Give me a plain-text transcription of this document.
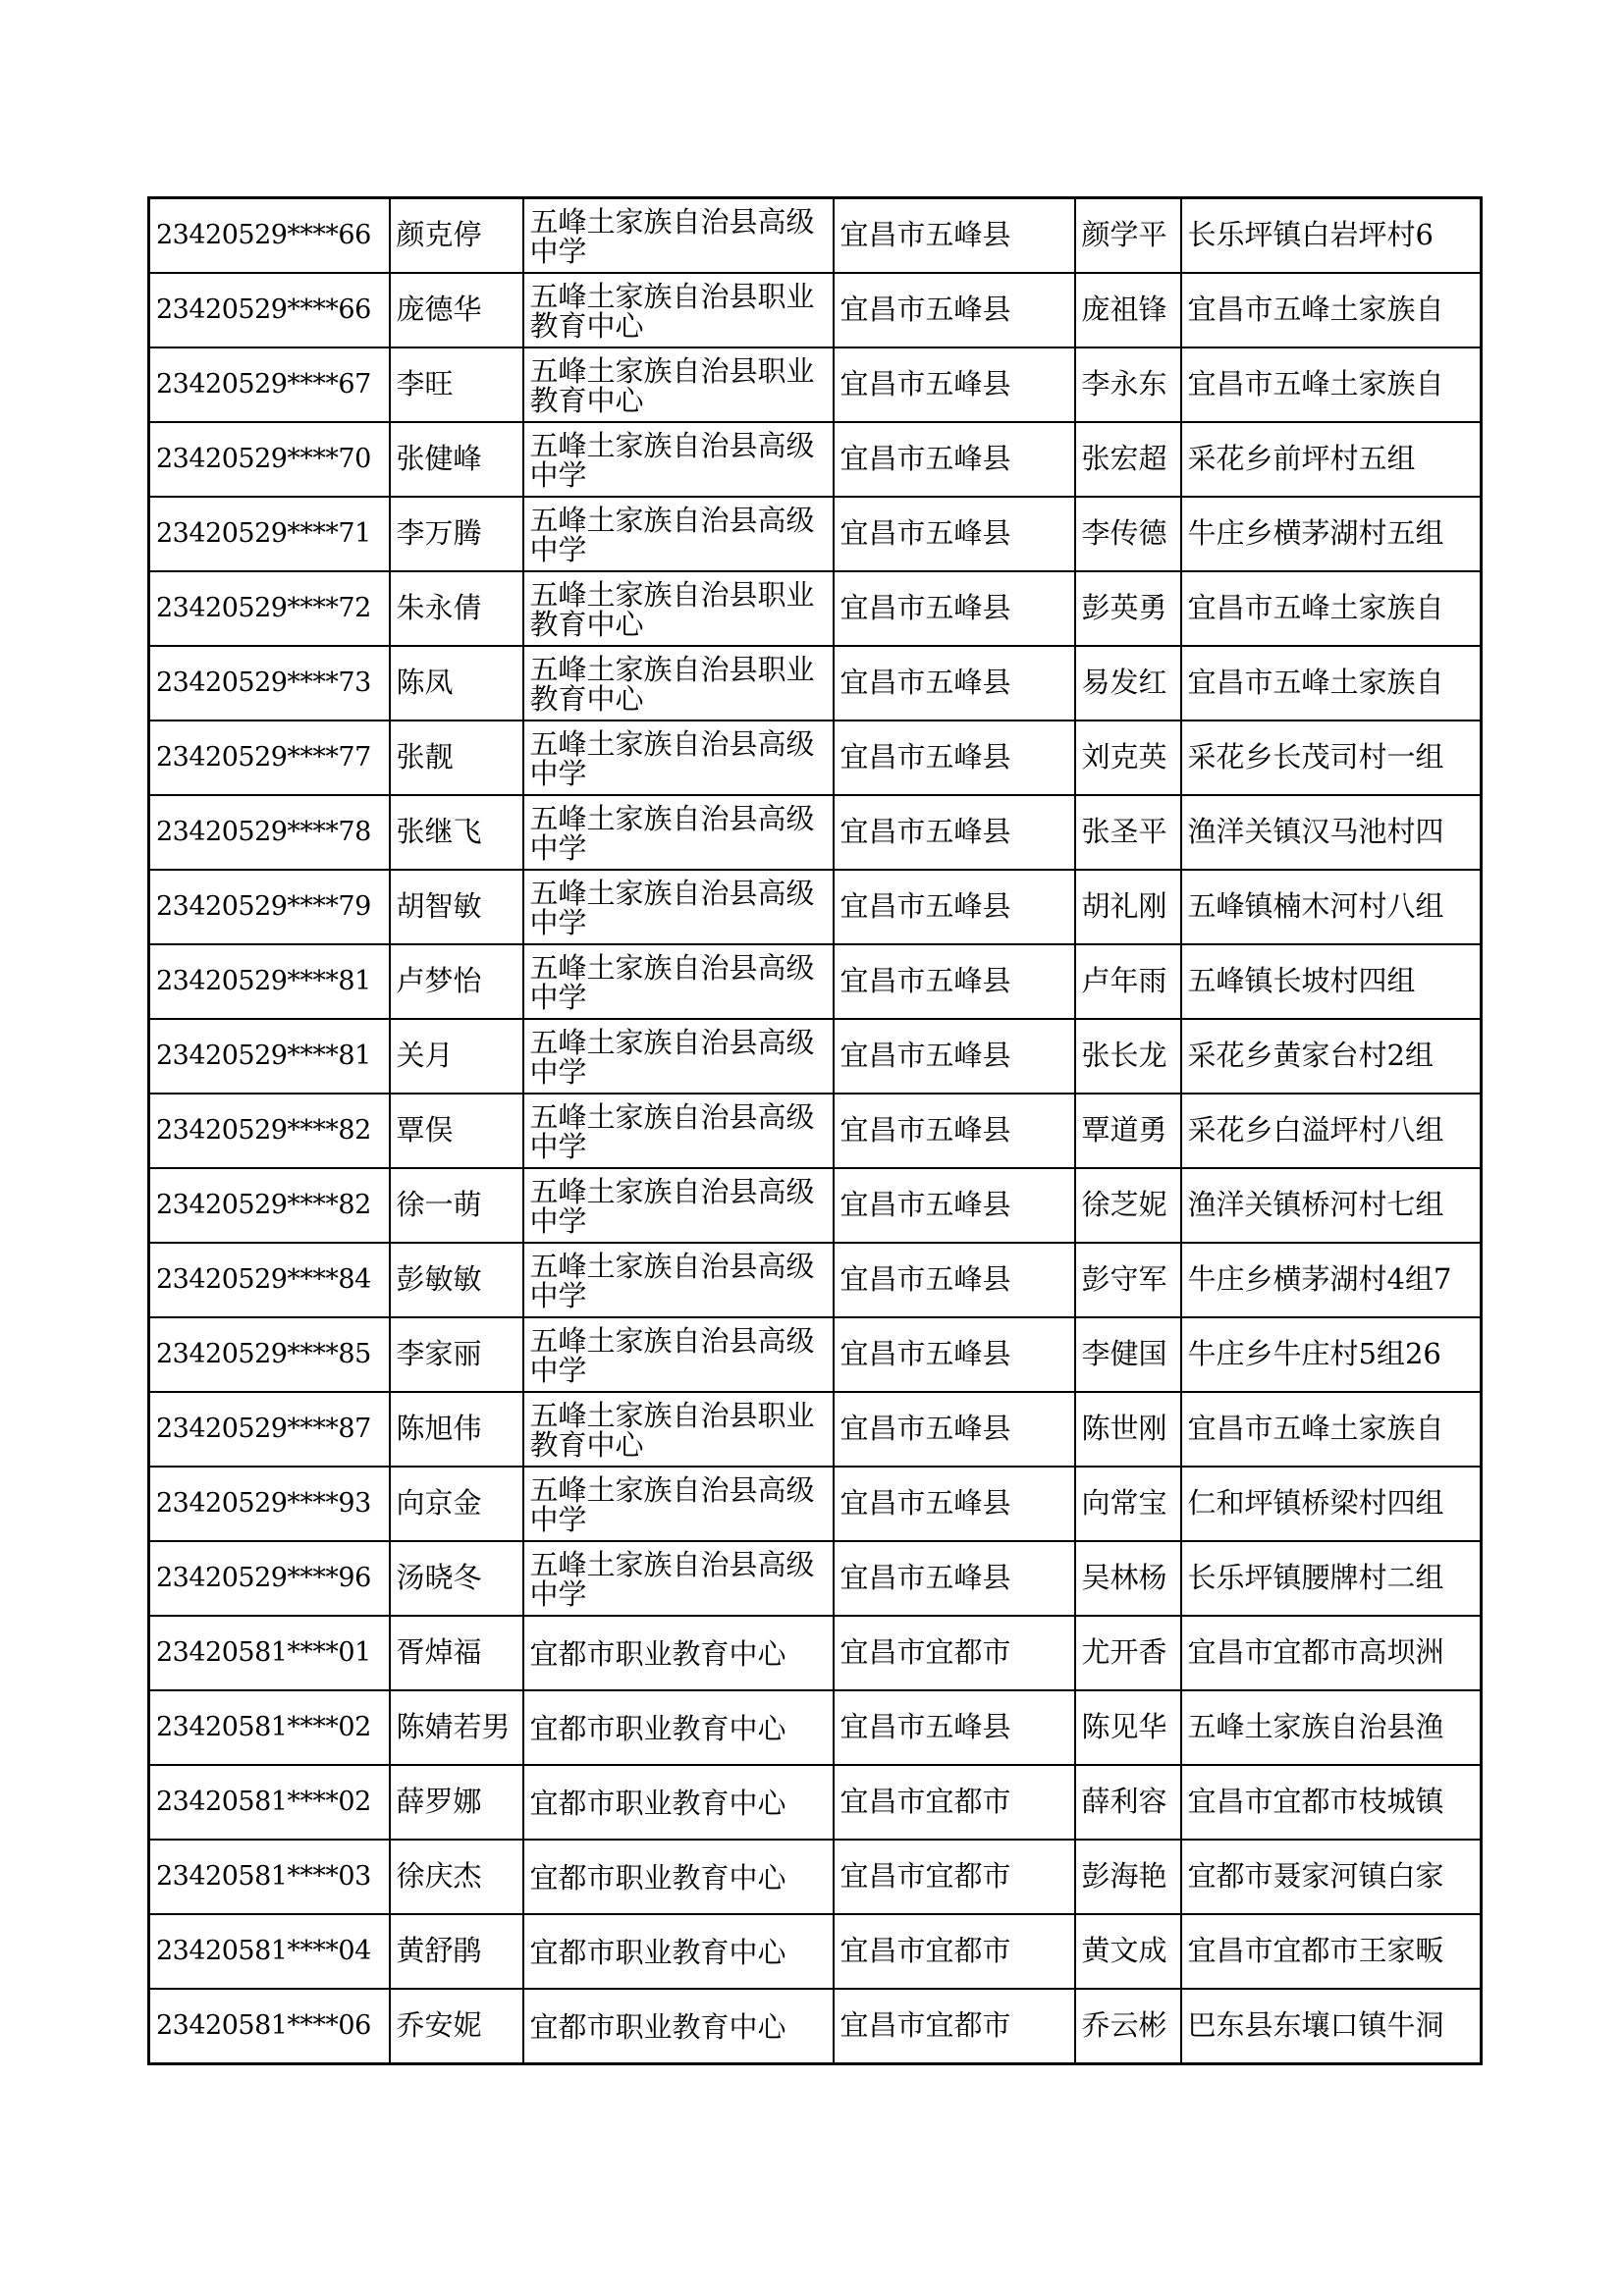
23420529****66	颜克停	五峰土家族自治县高级中学	宜昌市五峰县	颜学平	长乐坪镇白岩坪村6
23420529****66	庞德华	五峰土家族自治县职业教育中心	宜昌市五峰县	庞祖锋	宜昌市五峰土家族自
23420529****67	李旺	五峰土家族自治县职业教育中心	宜昌市五峰县	李永东	宜昌市五峰土家族自
23420529****70	张健峰	五峰土家族自治县高级中学	宜昌市五峰县	张宏超	采花乡前坪村五组
23420529****71	李万腾	五峰土家族自治县高级中学	宜昌市五峰县	李传德	牛庄乡横茅湖村五组
23420529****72	朱永倩	五峰土家族自治县职业教育中心	宜昌市五峰县	彭英勇	宜昌市五峰土家族自
23420529****73	陈凤	五峰土家族自治县职业教育中心	宜昌市五峰县	易发红	宜昌市五峰土家族自
23420529****77	张靓	五峰土家族自治县高级中学	宜昌市五峰县	刘克英	采花乡长茂司村一组
23420529****78	张继飞	五峰土家族自治县高级中学	宜昌市五峰县	张圣平	渔洋关镇汉马池村四
23420529****79	胡智敏	五峰土家族自治县高级中学	宜昌市五峰县	胡礼刚	五峰镇楠木河村八组
23420529****81	卢梦怡	五峰土家族自治县高级中学	宜昌市五峰县	卢年雨	五峰镇长坡村四组
23420529****81	关月	五峰土家族自治县高级中学	宜昌市五峰县	张长龙	采花乡黄家台村2组
23420529****82	覃俣	五峰土家族自治县高级中学	宜昌市五峰县	覃道勇	采花乡白溢坪村八组
23420529****82	徐一萌	五峰土家族自治县高级中学	宜昌市五峰县	徐芝妮	渔洋关镇桥河村七组
23420529****84	彭敏敏	五峰土家族自治县高级中学	宜昌市五峰县	彭守军	牛庄乡横茅湖村4组7
23420529****85	李家丽	五峰土家族自治县高级中学	宜昌市五峰县	李健国	牛庄乡牛庄村5组26
23420529****87	陈旭伟	五峰土家族自治县职业教育中心	宜昌市五峰县	陈世刚	宜昌市五峰土家族自
23420529****93	向京金	五峰土家族自治县高级中学	宜昌市五峰县	向常宝	仁和坪镇桥梁村四组
23420529****96	汤晓冬	五峰土家族自治县高级中学	宜昌市五峰县	吴林杨	长乐坪镇腰牌村二组
23420581****01	胥焯福	宜都市职业教育中心	宜昌市宜都市	尤开香	宜昌市宜都市高坝洲
23420581****02	陈婧若男	宜都市职业教育中心	宜昌市五峰县	陈见华	五峰土家族自治县渔
23420581****02	薛罗娜	宜都市职业教育中心	宜昌市宜都市	薛利容	宜昌市宜都市枝城镇
23420581****03	徐庆杰	宜都市职业教育中心	宜昌市宜都市	彭海艳	宜都市聂家河镇白家
23420581****04	黄舒鹃	宜都市职业教育中心	宜昌市宜都市	黄文成	宜昌市宜都市王家畈
23420581****06	乔安妮	宜都市职业教育中心	宜昌市宜都市	乔云彬	巴东县东壤口镇牛洞
